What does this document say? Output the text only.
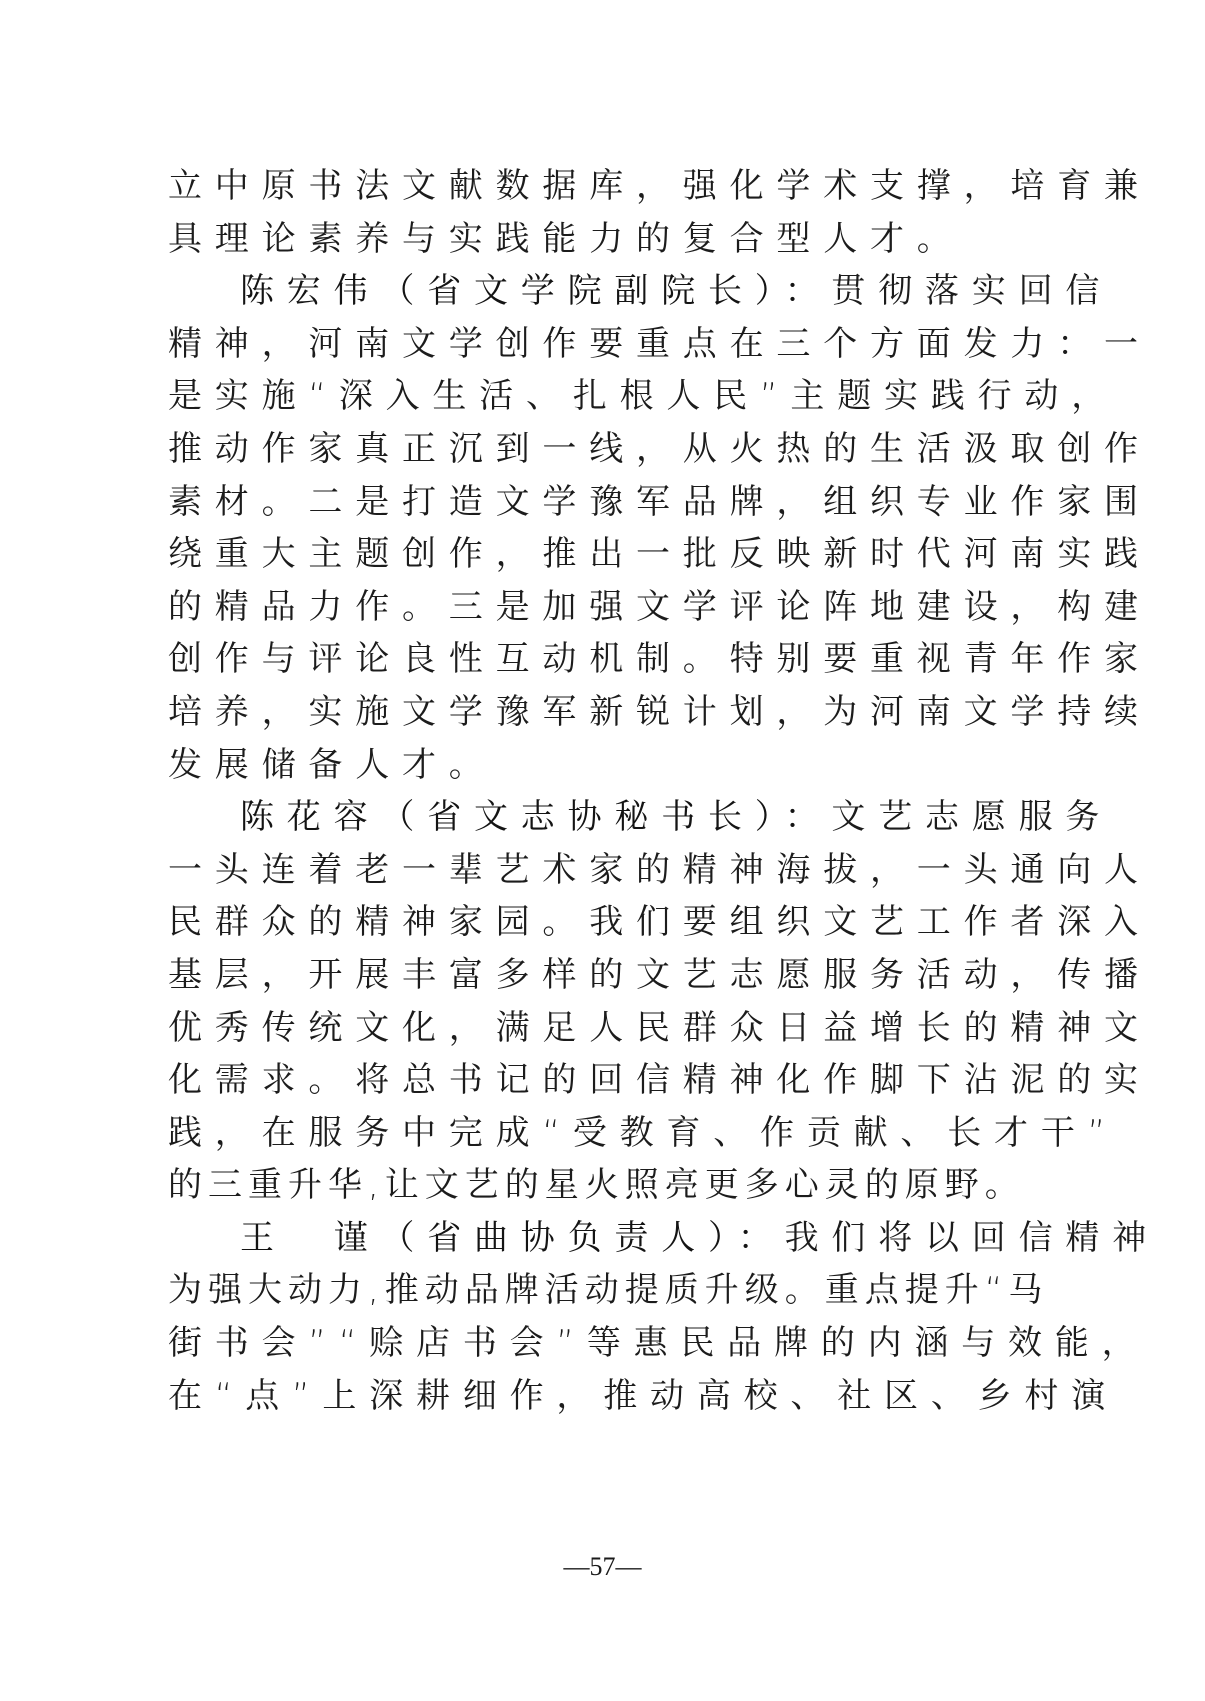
立中原书法文献数据库，强化学术支撑，培育兼
具理论素养与实践能力的复合型人才。
陈宏伟（省文学院副院长）：贯彻落实回信
精神，河南文学创作要重点在三个方面发力：一
是实施“深入生活、扎根人民”主题实践行动，
推动作家真正沉到一线，从火热的生活汲取创作
素材。二是打造文学豫军品牌，组织专业作家围
绕重大主题创作，推出一批反映新时代河南实践
的精品力作。三是加强文学评论阵地建设，构建
创作与评论良性互动机制。特别要重视青年作家
培养，实施文学豫军新锐计划，为河南文学持续
发展储备人才。
陈花容（省文志协秘书长）：文艺志愿服务
一头连着老一辈艺术家的精神海拔，一头通向人
民群众的精神家园。我们要组织文艺工作者深入
基层，开展丰富多样的文艺志愿服务活动，传播
优秀传统文化，满足人民群众日益增长的精神文
化需求。将总书记的回信精神化作脚下沾泥的实
践，在服务中完成“受教育、作贡献、长才干”
的三重升华,让文艺的星火照亮更多心灵的原野。
王　谨（省曲协负责人）：我们将以回信精神
为强大动力,推动品牌活动提质升级。重点提升“马
街书会”“赊店书会”等惠民品牌的内涵与效能，
在“点”上深耕细作，推动高校、社区、乡村演
—57—
